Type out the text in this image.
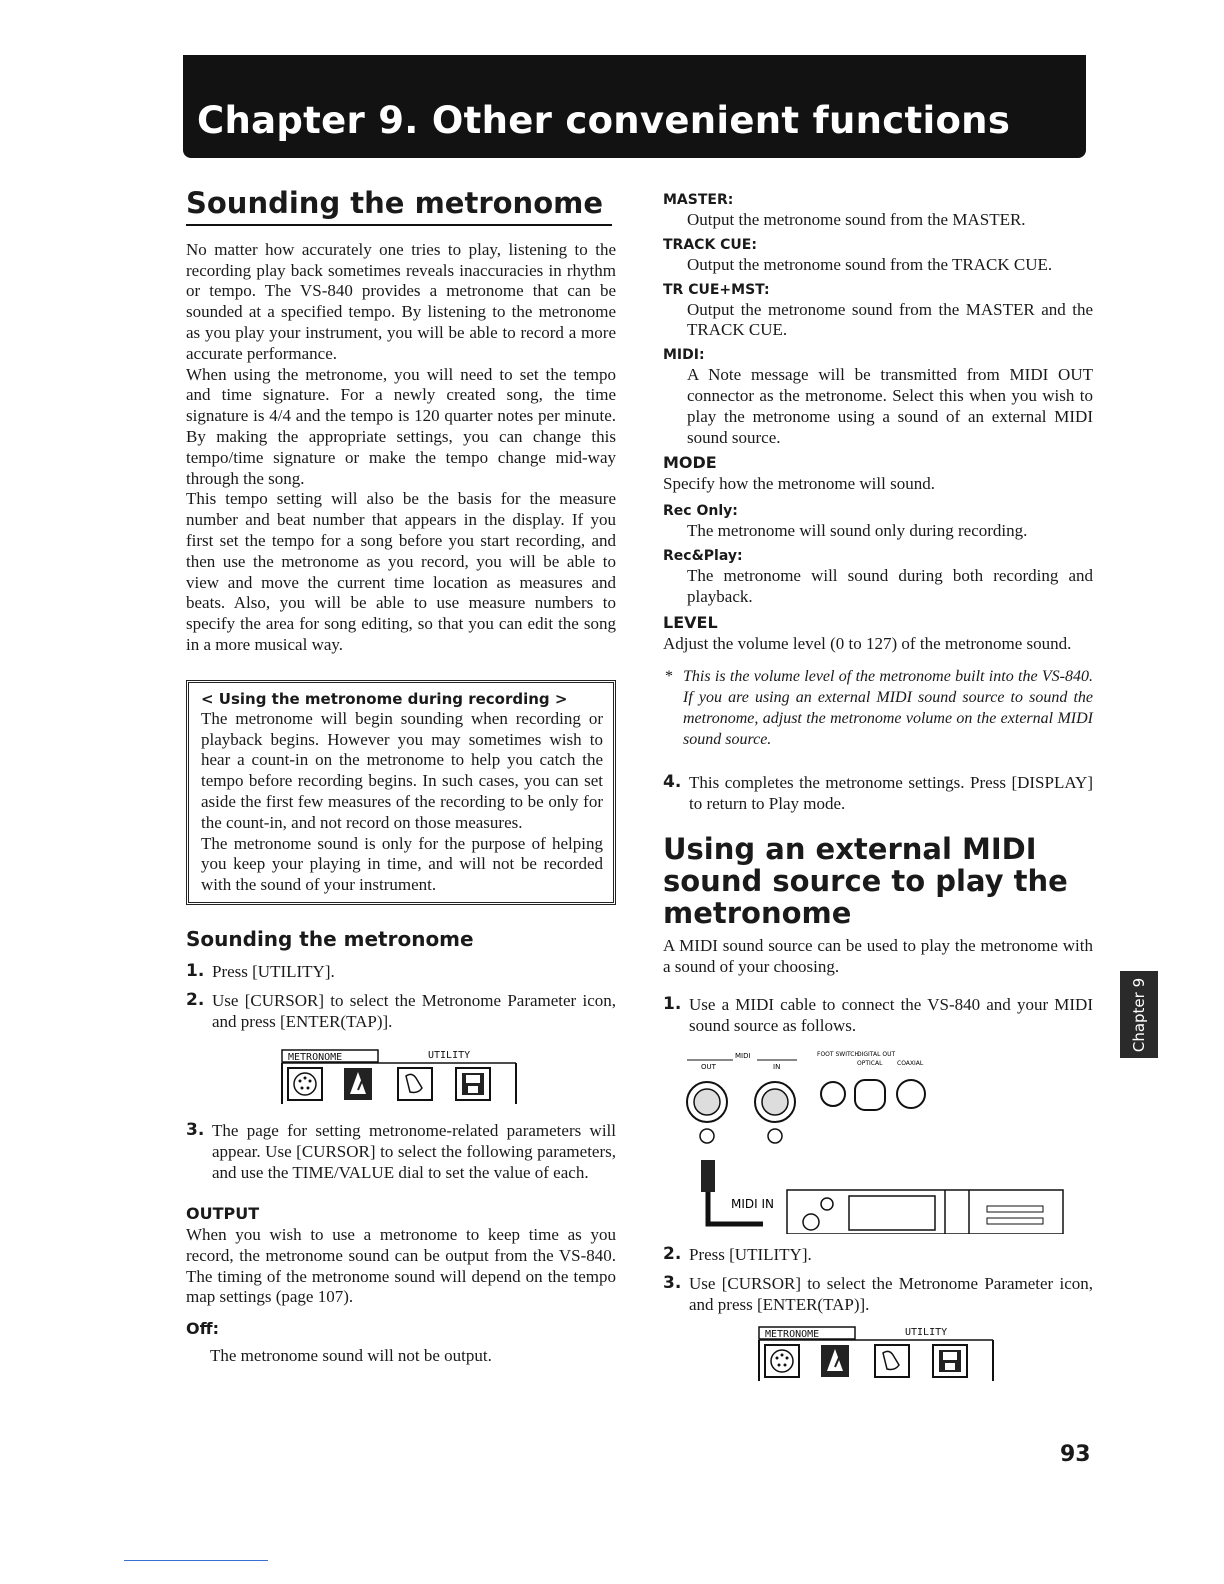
Chapter 9. Other convenient functions
Sounding the metronome

No matter how accurately one tries to play, listening to the recording play back sometimes reveals inaccuracies in rhythm or tempo. The VS-840 provides a metronome that can be sounded at a specified tempo. By listening to the metronome as you play your instrument, you will be able to record a more accurate performance.

When using the metronome, you will need to set the tempo and time signature. For a newly created song, the time signature is 4/4 and the tempo is 120 quarter notes per minute. By making the appropriate settings, you can change this tempo/time signature or make the tempo change mid-way through the song.

This tempo setting will also be the basis for the measure number and beat number that appears in the display. If you first set the tempo for a song before you start recording, and then use the metronome as you record, you will be able to view and move the current time location as measures and beats. Also, you will be able to use measure numbers to specify the area for song editing, so that you can edit the song in a more musical way.

< Using the metronome during recording >

The metronome will begin sounding when recording or playback begins. However you may sometimes wish to hear a count-in on the metronome to help you catch the tempo before recording begins. In such cases, you can set aside the first few measures of the recording to be only for the count-in, and not record on those measures.

The metronome sound is only for the purpose of helping you keep your playing in time, and will not be recorded with the sound of your instrument.

Sounding the metronome
1. Press [UTILITY].
2. Use [CURSOR] to select the Metronome Parameter icon, and press [ENTER(TAP)].
METRONOME	UTILITY
3. The page for setting metronome-related parameters will appear. Use [CURSOR] to select the following parameters, and use the TIME/VALUE dial to set the value of each.
OUTPUT

When you wish to use a metronome to keep time as you record, the metronome sound can be output from the VS-840. The timing of the metronome sound will depend on the tempo map settings (page 107).

Off:

The metronome sound will not be output.

MASTER:

Output the metronome sound from the MASTER.

TRACK CUE:

Output the metronome sound from the TRACK CUE.

TR CUE+MST:

Output the metronome sound from the MASTER and the TRACK CUE.

MIDI:

A Note message will be transmitted from MIDI OUT connector as the metronome. Select this when you wish to play the metronome using a sound of an external MIDI sound source.

MODE

Specify how the metronome will sound.

Rec Only:

The metronome will sound only during recording.

Rec&Play:

The metronome will sound during both recording and playback.

LEVEL

Adjust the volume level (0 to 127) of the metronome sound.

* This is the volume level of the metronome built into the VS-840. If you are using an external MIDI sound source to sound the metronome, adjust the metronome volume on the external MIDI sound source.
4. This completes the metronome settings. Press [DISPLAY] to return to Play mode.
Using an external MIDI sound source to play the metronome

A MIDI sound source can be used to play the metronome with a sound of your choosing.

1. Use a MIDI cable to connect the VS-840 and your MIDI sound source as follows.
MIDI
OUT	IN
FOOT SWITCH
DIGITAL OUT
OPTICAL COAXIAL
MIDI IN
2. Press [UTILITY].
3. Use [CURSOR] to select the Metronome Parameter icon, and press [ENTER(TAP)].
METRONOME	UTILITY
Chapter 9
93
